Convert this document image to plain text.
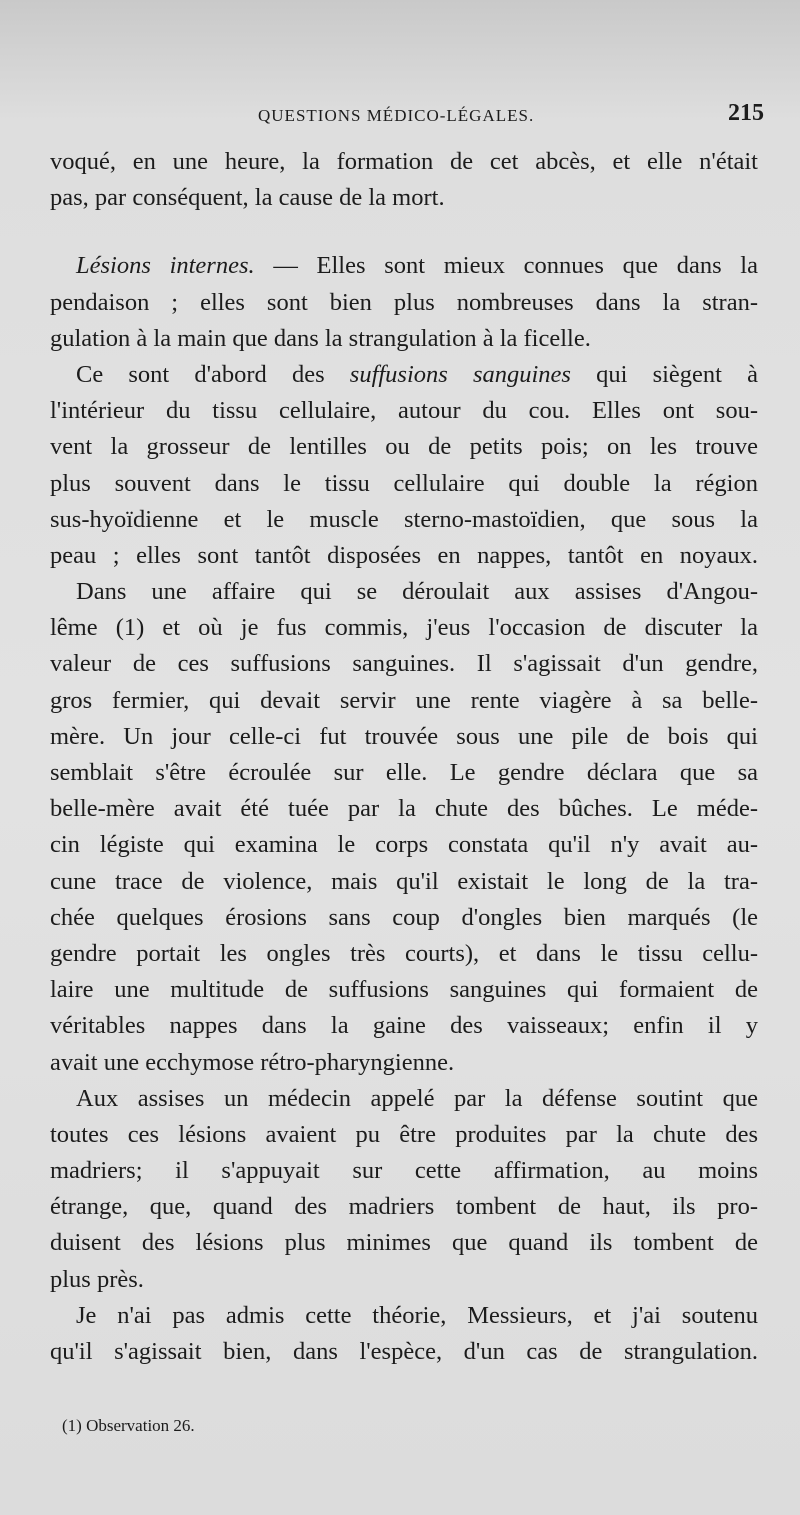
QUESTIONS MÉDICO-LÉGALES.	215
voqué, en une heure, la formation de cet abcès, et elle n'était
pas, par conséquent, la cause de la mort.
Lésions internes. — Elles sont mieux connues que dans la
pendaison ; elles sont bien plus nombreuses dans la stran-
gulation à la main que dans la strangulation à la ficelle.
Ce sont d'abord des suffusions sanguines qui siègent à
l'intérieur du tissu cellulaire, autour du cou. Elles ont sou-
vent la grosseur de lentilles ou de petits pois; on les trouve
plus souvent dans le tissu cellulaire qui double la région
sus-hyoïdienne et le muscle sterno-mastoïdien, que sous la
peau ; elles sont tantôt disposées en nappes, tantôt en noyaux.
Dans une affaire qui se déroulait aux assises d'Angou-
lême (1) et où je fus commis, j'eus l'occasion de discuter la
valeur de ces suffusions sanguines. Il s'agissait d'un gendre,
gros fermier, qui devait servir une rente viagère à sa belle-
mère. Un jour celle-ci fut trouvée sous une pile de bois qui
semblait s'être écroulée sur elle. Le gendre déclara que sa
belle-mère avait été tuée par la chute des bûches. Le méde-
cin légiste qui examina le corps constata qu'il n'y avait au-
cune trace de violence, mais qu'il existait le long de la tra-
chée quelques érosions sans coup d'ongles bien marqués (le
gendre portait les ongles très courts), et dans le tissu cellu-
laire une multitude de suffusions sanguines qui formaient de
véritables nappes dans la gaine des vaisseaux; enfin il y
avait une ecchymose rétro-pharyngienne.
Aux assises un médecin appelé par la défense soutint que
toutes ces lésions avaient pu être produites par la chute des
madriers; il s'appuyait sur cette affirmation, au moins
étrange, que, quand des madriers tombent de haut, ils pro-
duisent des lésions plus minimes que quand ils tombent de
plus près.
Je n'ai pas admis cette théorie, Messieurs, et j'ai soutenu
qu'il s'agissait bien, dans l'espèce, d'un cas de strangulation.
(1) Observation 26.
